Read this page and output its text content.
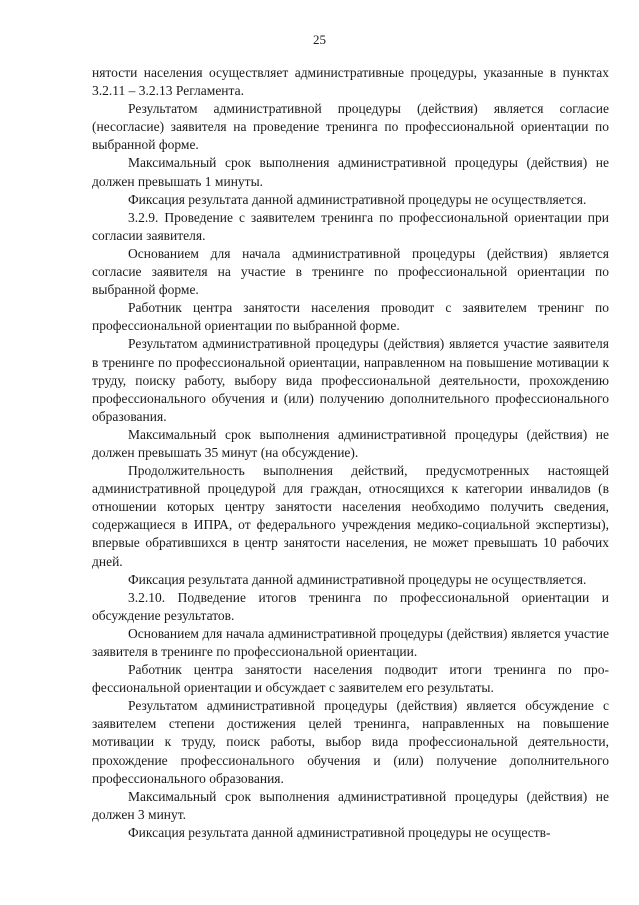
25

нятости населения осуществляет административные процедуры, указанные в пунктах 3.2.11 – 3.2.13 Регламента.

Результатом административной процедуры (действия) является согласие (несогласие) заявителя на проведение тренинга по профессиональной ориентации по выбранной форме.

Максимальный срок выполнения административной процедуры (действия) не должен превышать 1 минуты.

Фиксация результата данной административной процедуры не осуществляется.

3.2.9. Проведение с заявителем тренинга по профессиональной ориентации при согласии заявителя.

Основанием для начала административной процедуры (действия) является согласие заявителя на участие в тренинге по профессиональной ориентации по выбранной форме.

Работник центра занятости населения проводит с заявителем тренинг по профессиональной ориентации по выбранной форме.

Результатом административной процедуры (действия) является участие заявителя в тренинге по профессиональной ориентации, направленном на повышение мотивации к труду, поиску работу, выбору вида профессиональной деятельности, прохождению профессионального обучения и (или) получению дополнительного профессионального образования.

Максимальный срок выполнения административной процедуры (действия) не должен превышать 35 минут (на обсуждение).

Продолжительность выполнения действий, предусмотренных настоящей административной процедурой для граждан, относящихся к категории инвалидов (в отношении которых центру занятости населения необходимо получить сведения, содержащиеся в ИПРА, от федерального учреждения медико-социальной экспертизы), впервые обратившихся в центр занятости населения, не может превышать 10 рабочих дней.

Фиксация результата данной административной процедуры не осуществляется.

3.2.10. Подведение итогов тренинга по профессиональной ориентации и обсуждение результатов.

Основанием для начала административной процедуры (действия) является участие заявителя в тренинге по профессиональной ориентации.

Работник центра занятости населения подводит итоги тренинга по профессиональной ориентации и обсуждает с заявителем его результаты.

Результатом административной процедуры (действия) является обсуждение с заявителем степени достижения целей тренинга, направленных на повышение мотивации к труду, поиск работы, выбор вида профессиональной деятельности, прохождение профессионального обучения и (или) получение дополнительного профессионального образования.

Максимальный срок выполнения административной процедуры (действия) не должен 3 минут.

Фиксация результата данной административной процедуры не осуществ-
